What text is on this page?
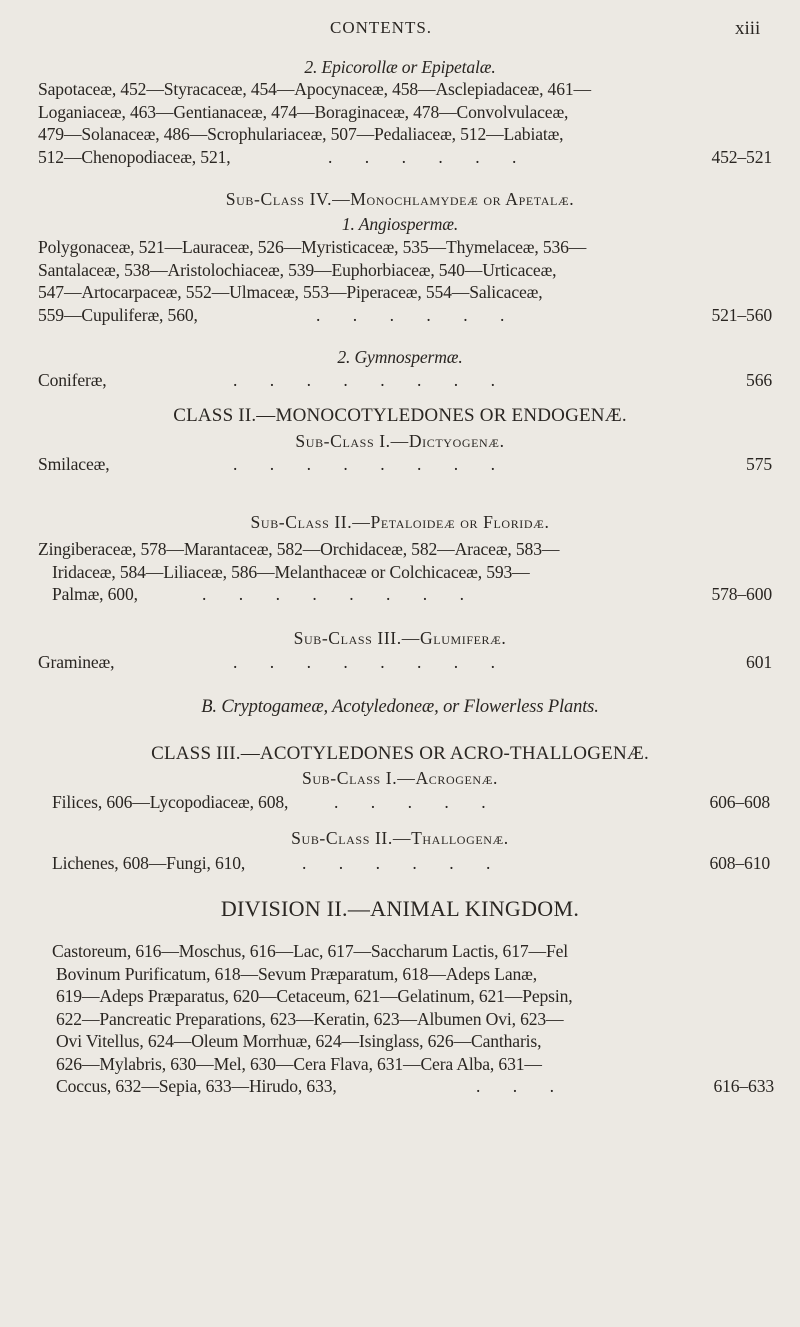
CONTENTS.	xiii
2. Epicorollæ or Epipetalæ.
Sapotaceæ, 452—Styracaceæ, 454—Apocynaceæ, 458—Asclepiadaceæ, 461—
Loganiaceæ, 463—Gentianaceæ, 474—Boraginaceæ, 478—Convolvulaceæ,
479—Solanaceæ, 486—Scrophulariaceæ, 507—Pedaliaceæ, 512—Labiatæ,
512—Chenopodiaceæ, 521,	. . . . . .	452–521
Sub-Class IV.—Monochlamydeæ or Apetalæ.
1. Angiospermæ.
Polygonaceæ, 521—Lauraceæ, 526—Myristicaceæ, 535—Thymelaceæ, 536—
Santalaceæ, 538—Aristolochiaceæ, 539—Euphorbiaceæ, 540—Urticaceæ,
547—Artocarpaceæ, 552—Ulmaceæ, 553—Piperaceæ, 554—Salicaceæ,
559—Cupuliferæ, 560,	. . . . . .	521–560
2. Gymnospermæ.
Coniferæ,	. . . . . . . .	566
CLASS II.—MONOCOTYLEDONES OR ENDOGENÆ.
Sub-Class I.—Dictyogenæ.
Smilaceæ,	. . . . . . . .	575
Sub-Class II.—Petaloideæ or Floridæ.
Zingiberaceæ, 578—Marantaceæ, 582—Orchidaceæ, 582—Araceæ, 583—
Iridaceæ, 584—Liliaceæ, 586—Melanthaceæ or Colchicaceæ, 593—
Palmæ, 600,	. . . . . . . .	578–600
Sub-Class III.—Glumiferæ.
Gramineæ,	. . . . . . . .	601
B. Cryptogameæ, Acotyledoneæ, or Flowerless Plants.
CLASS III.—ACOTYLEDONES OR ACRO-THALLOGENÆ.
Sub-Class I.—Acrogenæ.
Filices, 606—Lycopodiaceæ, 608,	. . . . .	606–608
Sub-Class II.—Thallogenæ.
Lichenes, 608—Fungi, 610,	. . . . . .	608–610
DIVISION II.—ANIMAL KINGDOM.
Castoreum, 616—Moschus, 616—Lac, 617—Saccharum Lactis, 617—Fel
Bovinum Purificatum, 618—Sevum Præparatum, 618—Adeps Lanæ,
619—Adeps Præparatus, 620—Cetaceum, 621—Gelatinum, 621—Pepsin,
622—Pancreatic Preparations, 623—Keratin, 623—Albumen Ovi, 623—
Ovi Vitellus, 624—Oleum Morrhuæ, 624—Isinglass, 626—Cantharis,
626—Mylabris, 630—Mel, 630—Cera Flava, 631—Cera Alba, 631—
Coccus, 632—Sepia, 633—Hirudo, 633,	. . .	616–633
